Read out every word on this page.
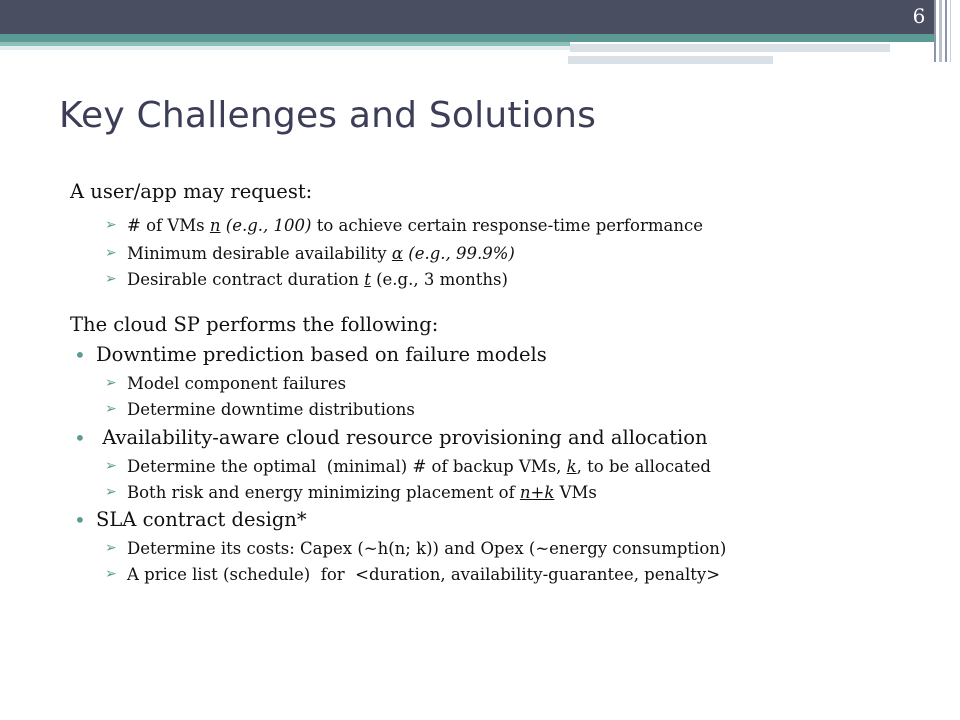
6
Key Challenges and Solutions
A user/app may request:
➢ # of VMs n (e.g., 100) to achieve certain response-time performance
➢ Minimum desirable availability α (e.g., 99.9%)
➢ Desirable contract duration t (e.g., 3 months)
The cloud SP performs the following:
• Downtime prediction based on failure models
➢ Model component failures
➢ Determine downtime distributions
• Availability-aware cloud resource provisioning and allocation
➢ Determine the optimal  (minimal) # of backup VMs, k, to be allocated
➢ Both risk and energy minimizing placement of n+k VMs
• SLA contract design*
➢ Determine its costs: Capex (~h(n; k)) and Opex (~energy consumption)
➢ A price list (schedule)  for  <duration, availability-guarantee, penalty>
